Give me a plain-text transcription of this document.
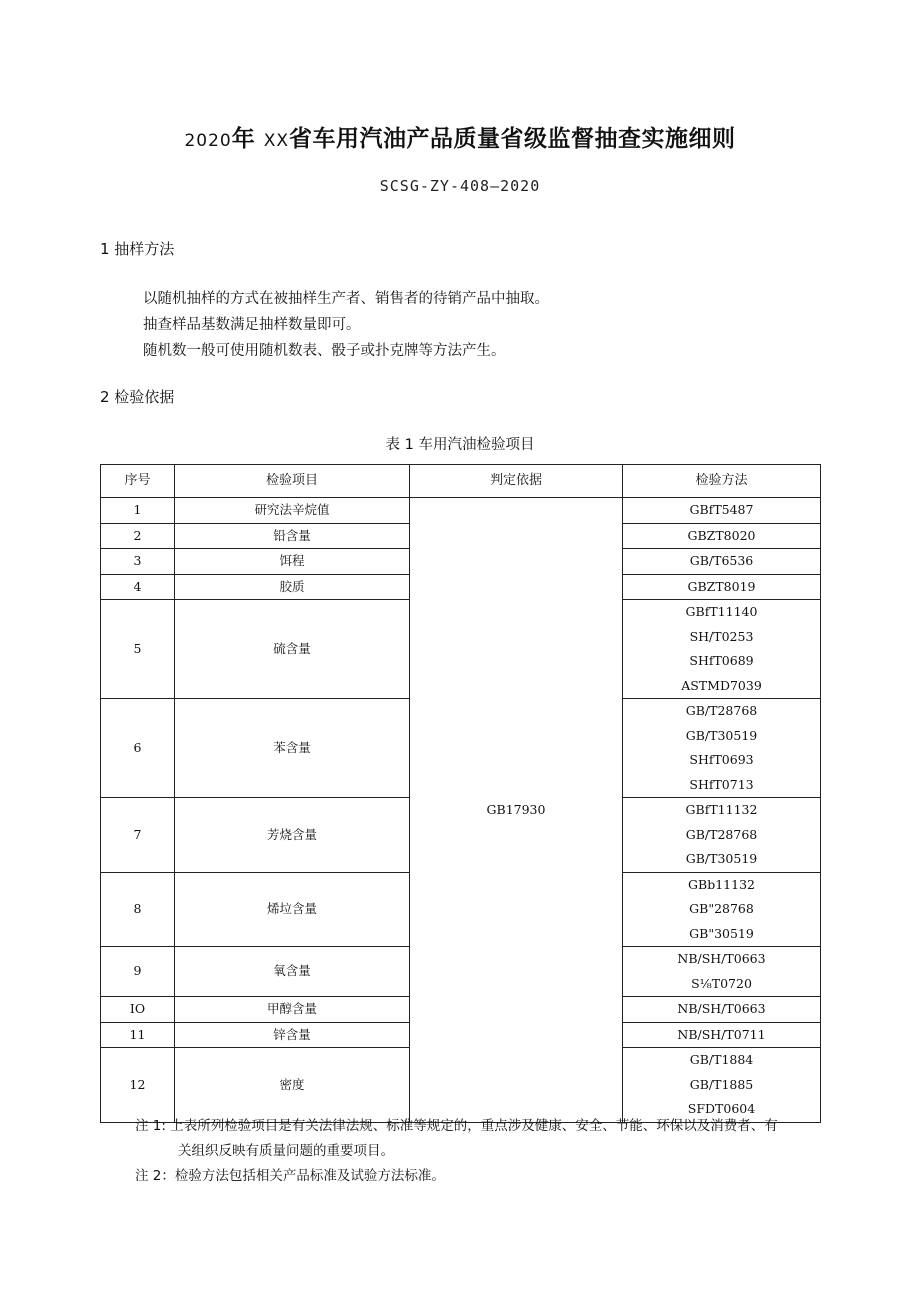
2020年 XX省车用汽油产品质量省级监督抽查实施细则
SCSG-ZY-408—2020
1 抽样方法
以随机抽样的方式在被抽样生产者、销售者的待销产品中抽取。
抽查样品基数满足抽样数量即可。
随机数一般可使用随机数表、骰子或扑克牌等方法产生。
2 检验依据
表 1 车用汽油检验项目
序号	检验项目	判定依据	检验方法
1	研究法辛烷值	GB17930	GBfT5487

2	铅含量		GBZT8020

3	饵程		GB/T6536

4	胶质		GBZT8019

5	硫含量		GBfT11140
SH∕T0253
SHfT0689
ASTMD7039

6	苯含量		GB/T28768
GB/T30519
SHfT0693
SHfT0713

7	芳烧含量		GBfT11132
GB/T28768
GB/T30519

8	烯垃含量		GBb11132
GB"28768
GB"30519

9	氧含量		NB/SH/T0663
S⅛T0720

IO	甲醇含量		NB/SH/T0663

11	锌含量		NB/SH/T0711

12	密度		GB/T1884
GB/T1885
SFDT0604
注 1: 上表所列检验项目是有关法律法规、标准等规定的，重点涉及健康、安全、节能、环保以及消费者、有
关组织反映有质量问题的重要项目。
注 2：检验方法包括相关产品标准及试验方法标准。
